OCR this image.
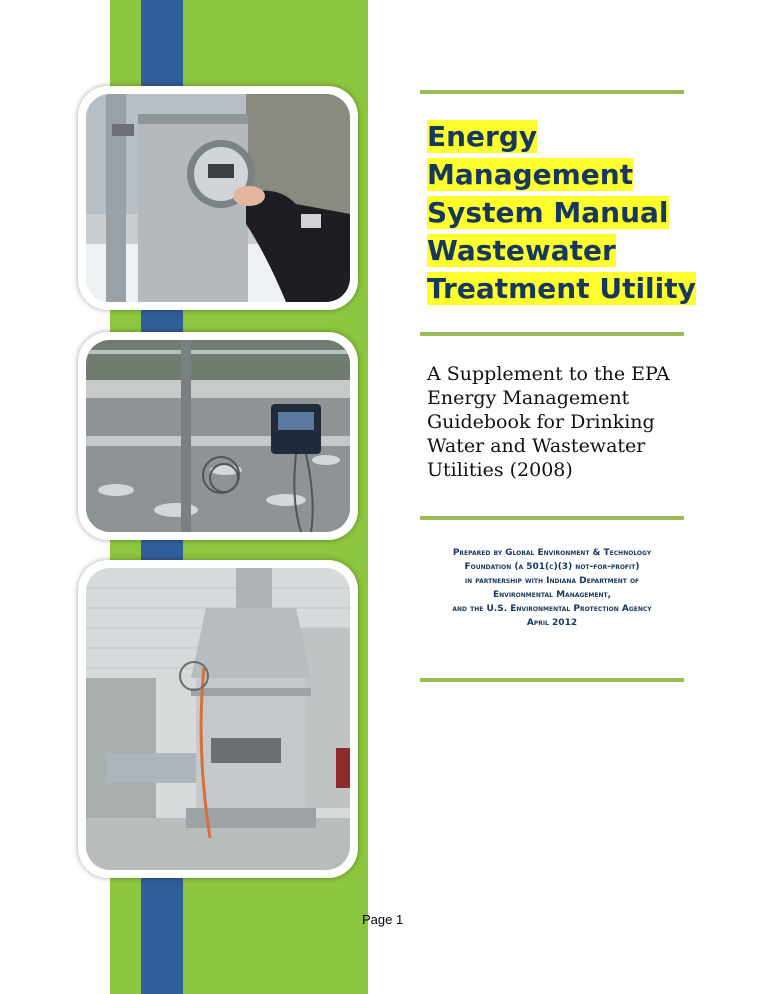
Energy
Management
System Manual
Wastewater
Treatment Utility

A Supplement to the EPA Energy Management Guidebook for Drinking Water and Wastewater Utilities (2008)

Prepared by Global Environment & Technology
Foundation (a 501(c)(3) not-for-profit)
in partnership with Indiana Department of
Environmental Management,
and the U.S. Environmental Protection Agency
April 2012
Page 1
